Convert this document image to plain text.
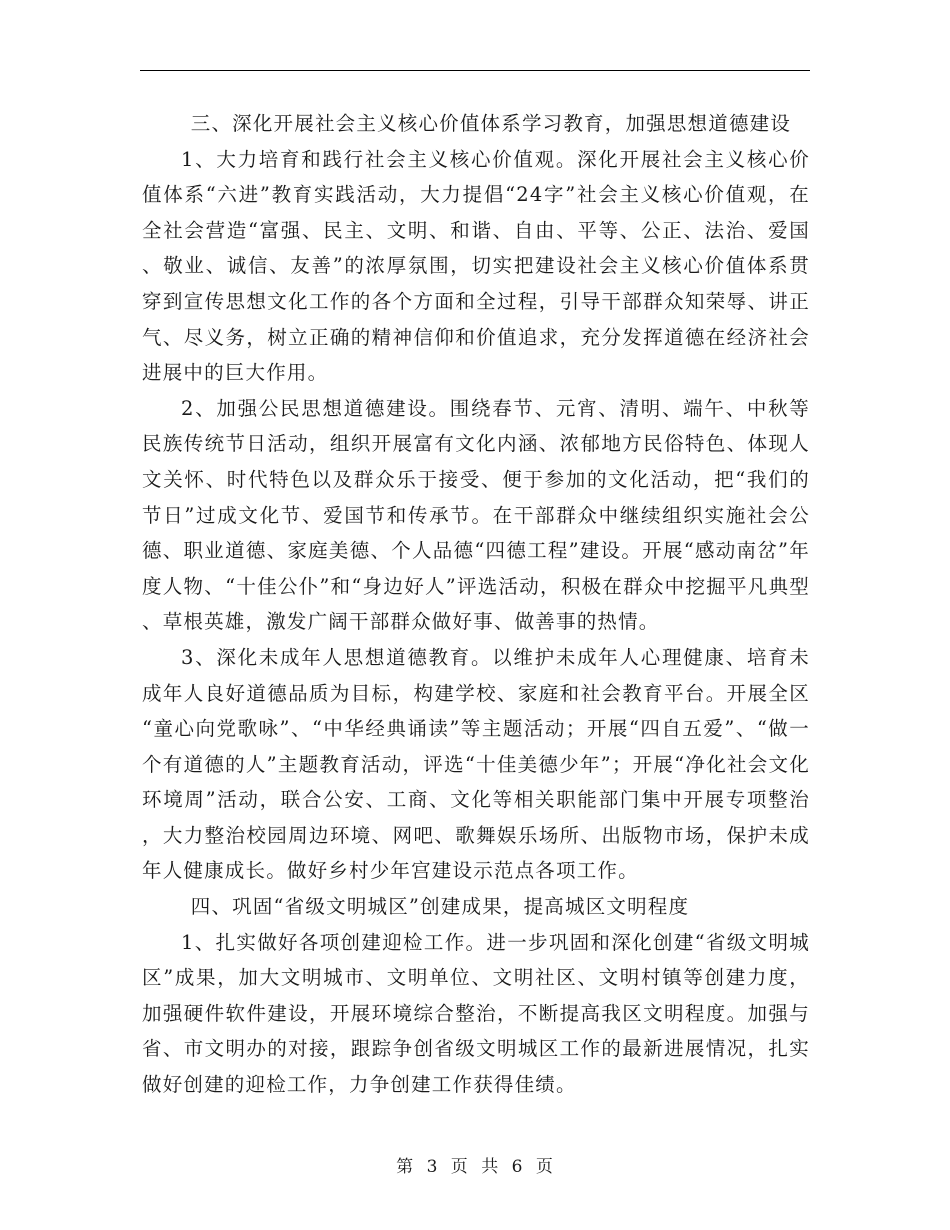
三、深化开展社会主义核心价值体系学习教育，加强思想道德建设

1、大力培育和践行社会主义核心价值观。深化开展社会主义核心价值体系“六进”教育实践活动，大力提倡“24字”社会主义核心价值观，在全社会营造“富强、民主、文明、和谐、自由、平等、公正、法治、爱国、敬业、诚信、友善”的浓厚氛围，切实把建设社会主义核心价值体系贯穿到宣传思想文化工作的各个方面和全过程，引导干部群众知荣辱、讲正气、尽义务，树立正确的精神信仰和价值追求，充分发挥道德在经济社会进展中的巨大作用。

2、加强公民思想道德建设。围绕春节、元宵、清明、端午、中秋等民族传统节日活动，组织开展富有文化内涵、浓郁地方民俗特色、体现人文关怀、时代特色以及群众乐于接受、便于参加的文化活动，把“我们的节日”过成文化节、爱国节和传承节。在干部群众中继续组织实施社会公德、职业道德、家庭美德、个人品德“四德工程”建设。开展“感动南岔”年度人物、“十佳公仆”和“身边好人”评选活动，积极在群众中挖掘平凡典型、草根英雄，激发广阔干部群众做好事、做善事的热情。

3、深化未成年人思想道德教育。以维护未成年人心理健康、培育未成年人良好道德品质为目标，构建学校、家庭和社会教育平台。开展全区“童心向党歌咏”、“中华经典诵读”等主题活动；开展“四自五爱”、“做一个有道德的人”主题教育活动，评选“十佳美德少年”；开展“净化社会文化环境周”活动，联合公安、工商、文化等相关职能部门集中开展专项整治，大力整治校园周边环境、网吧、歌舞娱乐场所、出版物市场，保护未成年人健康成长。做好乡村少年宫建设示范点各项工作。

四、巩固“省级文明城区”创建成果，提高城区文明程度

1、扎实做好各项创建迎检工作。进一步巩固和深化创建“省级文明城区”成果，加大文明城市、文明单位、文明社区、文明村镇等创建力度，加强硬件软件建设，开展环境综合整治，不断提高我区文明程度。加强与省、市文明办的对接，跟踪争创省级文明城区工作的最新进展情况，扎实做好创建的迎检工作，力争创建工作获得佳绩。

第 3 页 共 6 页
